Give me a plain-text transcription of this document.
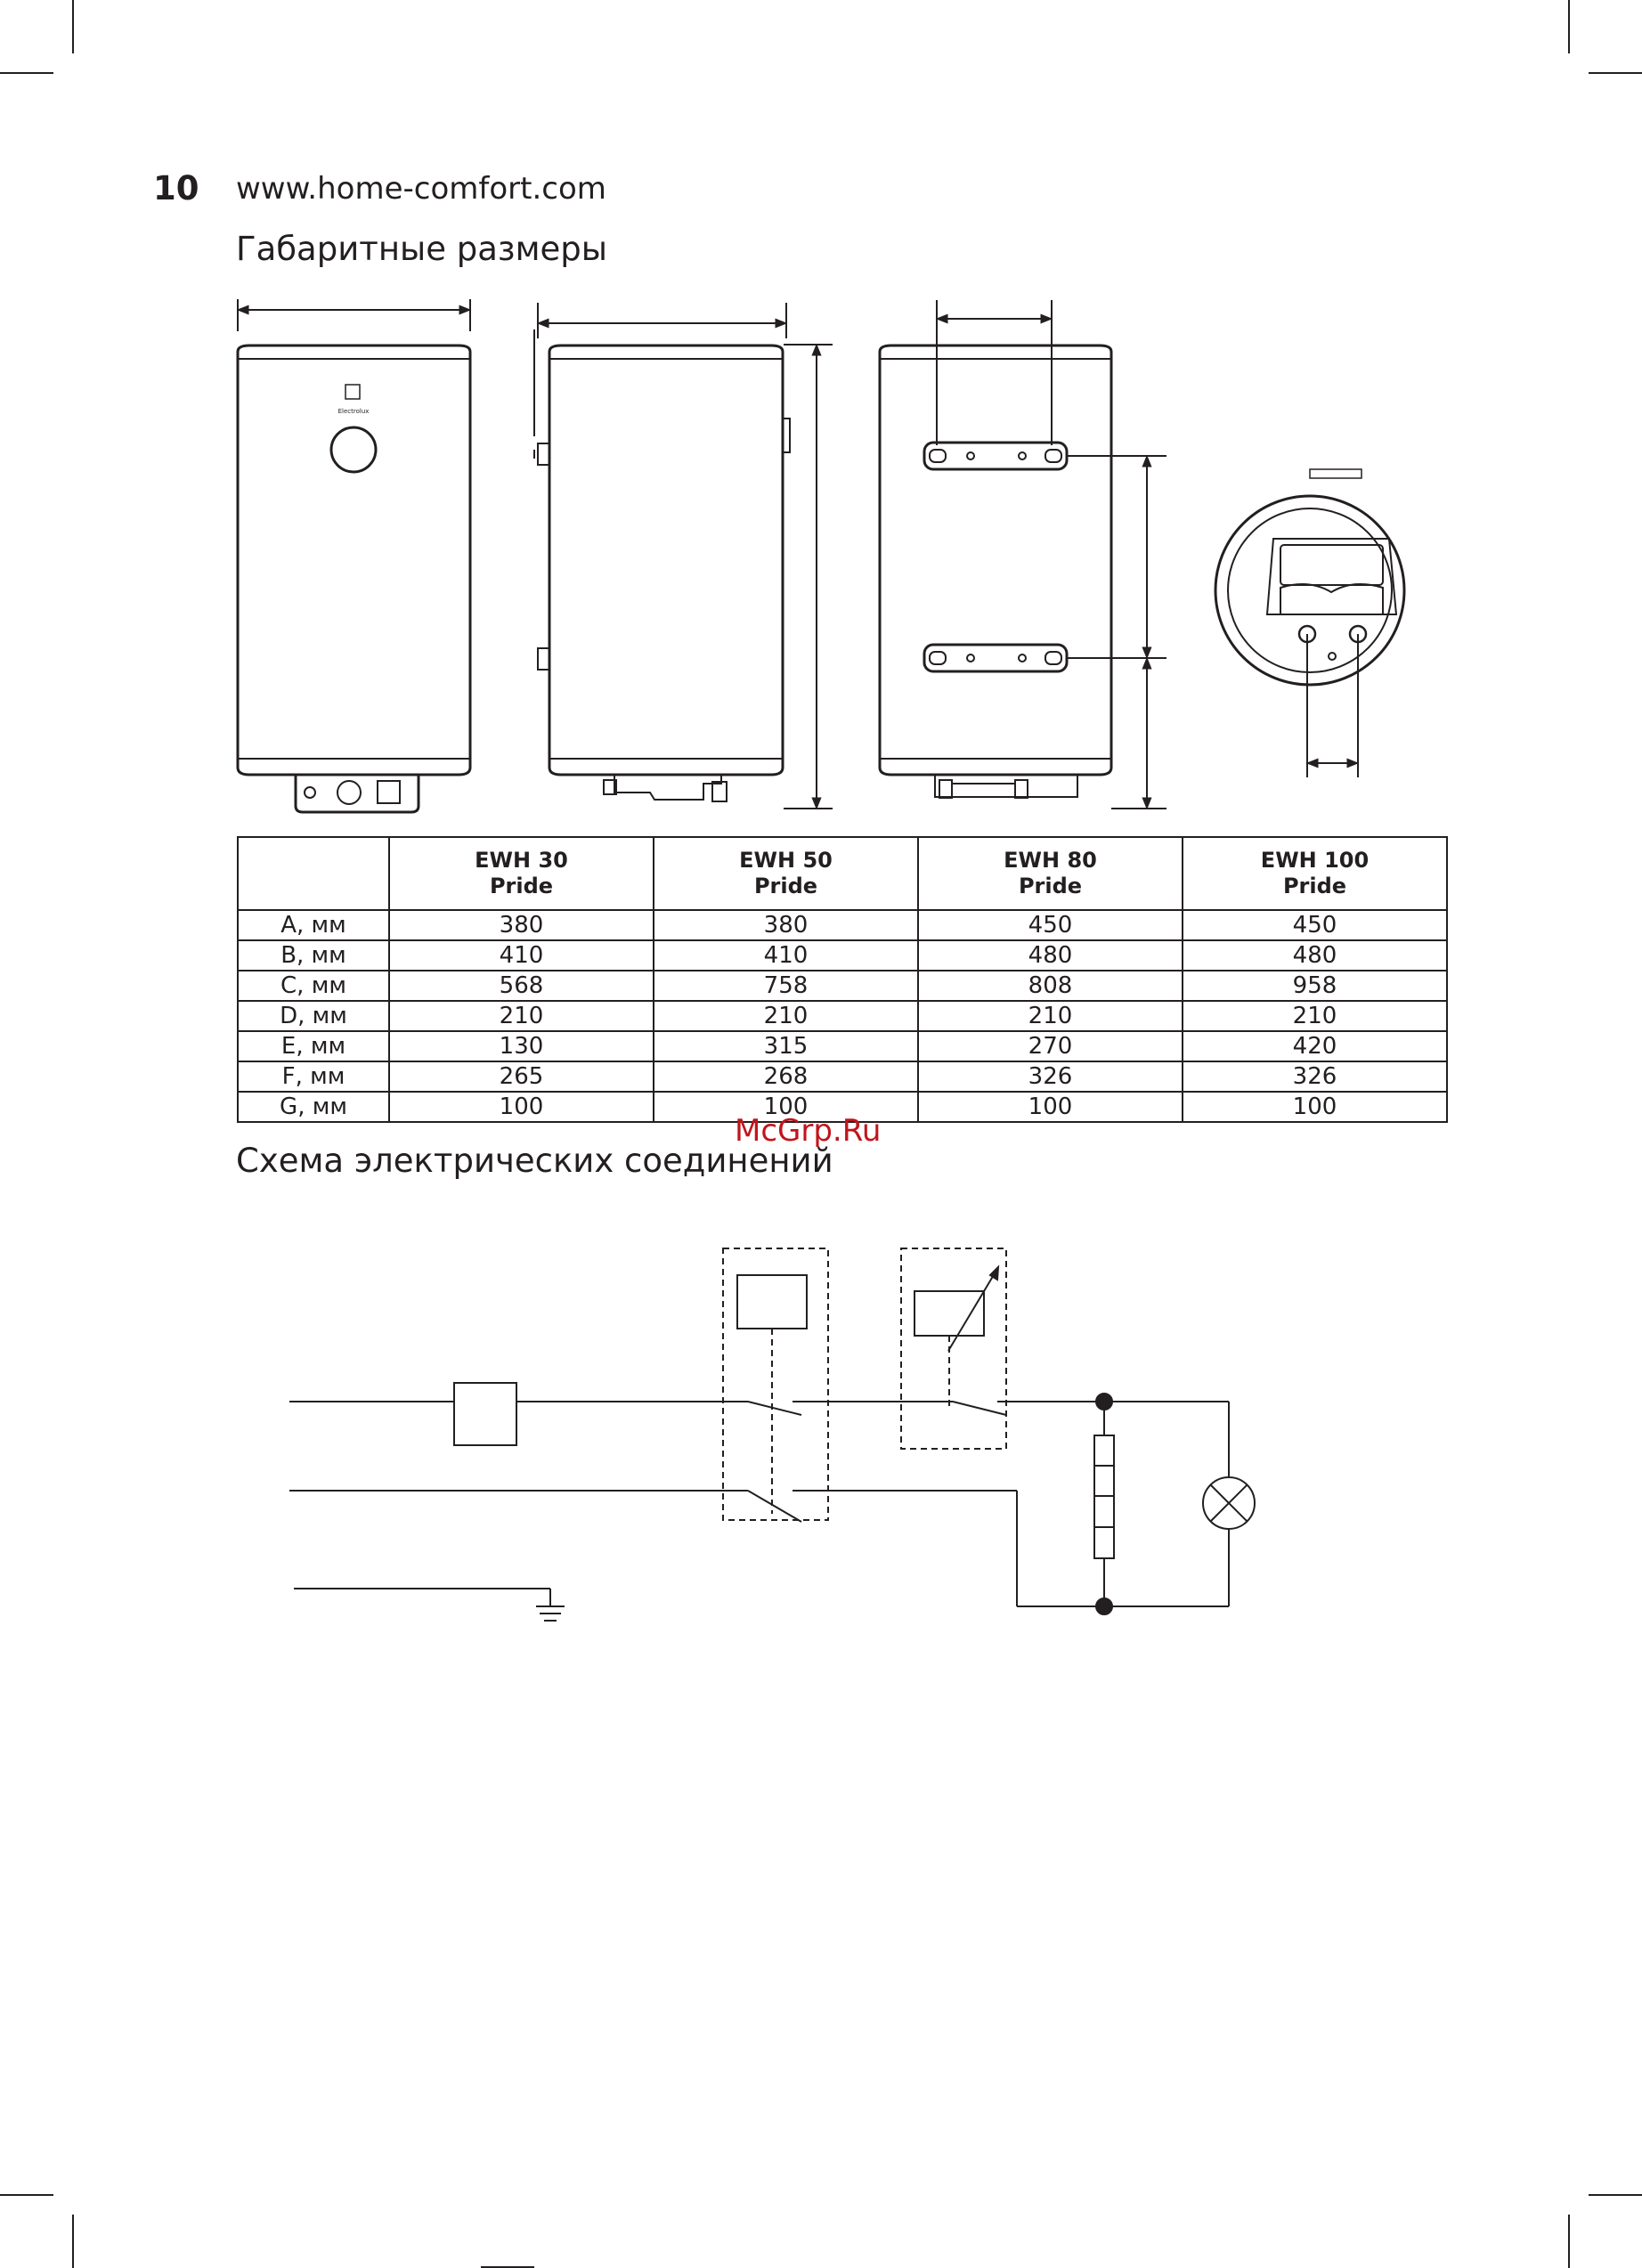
10 www.home-comfort.com
Габаритные размеры
Electrolux

	EWH 30
Pride	EWH 50
Pride	EWH 80
Pride	EWH 100
Pride

A, мм	380	380	450	450
B, мм	410	410	480	480
C, мм	568	758	808	958
D, мм	210	210	210	210
E, мм	130	315	270	420
F, мм	265	268	326	326
G, мм	100	100	100	100
Схема электрических соединений
McGrp.Ru
